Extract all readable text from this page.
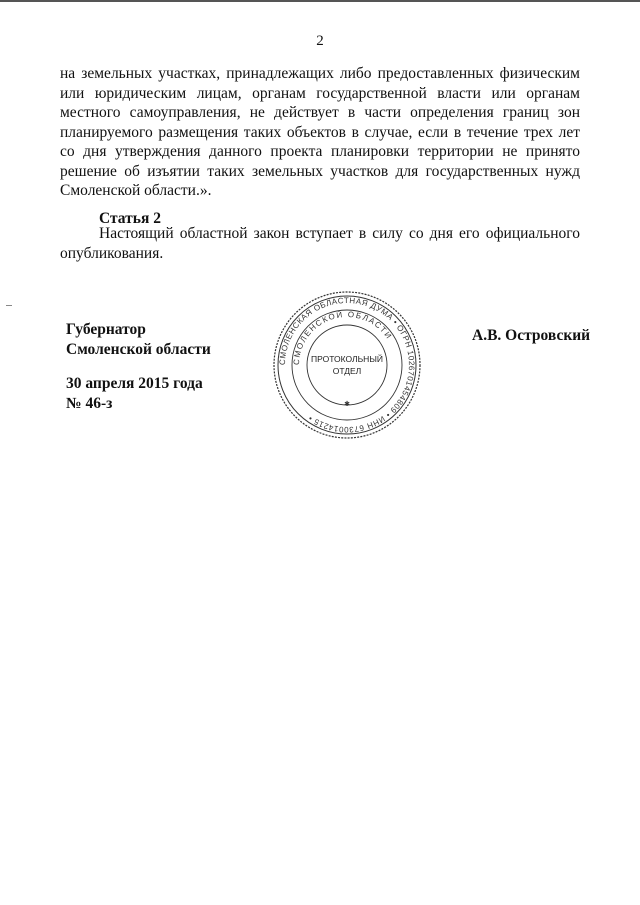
2
на земельных участках, принадлежащих либо предоставленных физическим
или юридическим лицам, органам государственной власти или органам
местного самоуправления, не действует в части определения границ зон
планируемого размещения таких объектов в случае, если в течение трех лет
со дня утверждения данного проекта планировки территории не принято
решение об изъятии таких земельных участков для государственных нужд
Смоленской области.».
Статья 2
Настоящий областной закон вступает в силу со дня его официального
опубликования.
Губернатор
Смоленской области
30 апреля 2015 года
№ 46-з
А.В. Островский
СМОЛЕНСКАЯ ОБЛАСТНАЯ ДУМА • ОГРН 1026701454809 • ИНН 6730014215 •
СМОЛЕНСКОЙ ОБЛАСТИ
ПРОТОКОЛЬНЫЙ
ОТДЕЛ
✱
